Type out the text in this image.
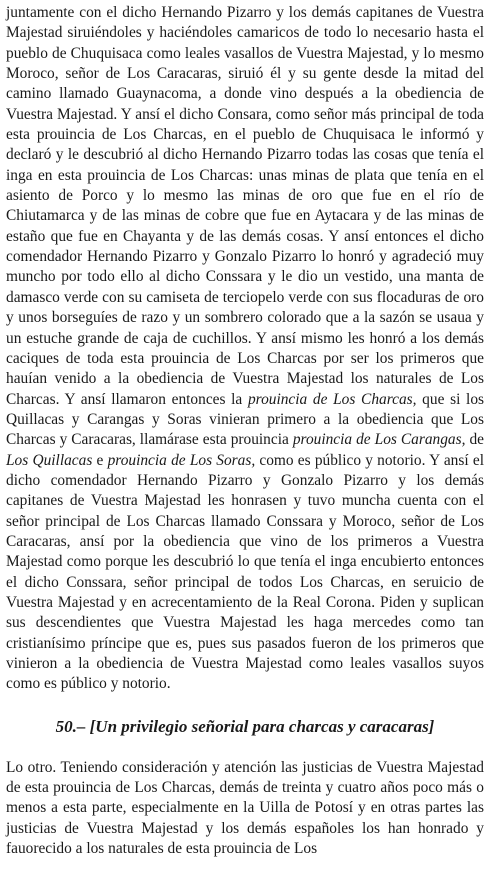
juntamente con el dicho Hernando Pizarro y los demás capitanes de Vuestra Majestad siruiéndoles y haciéndoles camaricos de todo lo necesario hasta el pueblo de Chuquisaca como leales vasallos de Vuestra Majestad, y lo mesmo Moroco, señor de Los Caracaras, siruió él y su gente desde la mitad del camino llamado Guaynacoma, a donde vino después a la obediencia de Vuestra Majestad. Y ansí el dicho Consara, como señor más principal de toda esta prouincia de Los Charcas, en el pueblo de Chuquisaca le informó y declaró y le descubrió al dicho Hernando Pizarro todas las cosas que tenía el inga en esta prouincia de Los Charcas: unas minas de plata que tenía en el asiento de Porco y lo mesmo las minas de oro que fue en el río de Chiutamarca y de las minas de cobre que fue en Aytacara y de las minas de estaño que fue en Chayanta y de las demás cosas. Y ansí entonces el dicho comendador Hernando Pizarro y Gonzalo Pizarro lo honró y agradeció muy muncho por todo ello al dicho Conssara y le dio un vestido, una manta de damasco verde con su camiseta de terciopelo verde con sus flocaduras de oro y unos borseguíes de razo y un sombrero colorado que a la sazón se usaua y un estuche grande de caja de cuchillos. Y ansí mismo les honró a los demás caciques de toda esta prouincia de Los Charcas por ser los primeros que hauían venido a la obediencia de Vuestra Majestad los naturales de Los Charcas. Y ansí llamaron entonces la prouincia de Los Charcas, que si los Quillacas y Carangas y Soras vinieran primero a la obediencia que Los Charcas y Caracaras, llamárase esta prouincia prouincia de Los Carangas, de Los Quillacas e prouincia de Los Soras, como es público y notorio. Y ansí el dicho comendador Hernando Pizarro y Gonzalo Pizarro y los demás capitanes de Vuestra Majestad les honrasen y tuvo muncha cuenta con el señor principal de Los Charcas llamado Conssara y Moroco, señor de Los Caracaras, ansí por la obediencia que vino de los primeros a Vuestra Majestad como porque les descubrió lo que tenía el inga encubierto entonces el dicho Conssara, señor principal de todos Los Charcas, en seruicio de Vuestra Majestad y en acrecentamiento de la Real Corona. Piden y suplican sus descendientes que Vuestra Majestad les haga mercedes como tan cristianísimo príncipe que es, pues sus pasados fueron de los primeros que vinieron a la obediencia de Vuestra Majestad como leales vasallos suyos como es público y notorio.

50.– [Un privilegio señorial para charcas y caracaras]

Lo otro. Teniendo consideración y atención las justicias de Vuestra Majestad de esta prouincia de Los Charcas, demás de treinta y cuatro años poco más o menos a esta parte, especialmente en la Uilla de Potosí y en otras partes las justicias de Vuestra Majestad y los demás españoles los han honrado y fauorecido a los naturales de esta prouincia de Los
